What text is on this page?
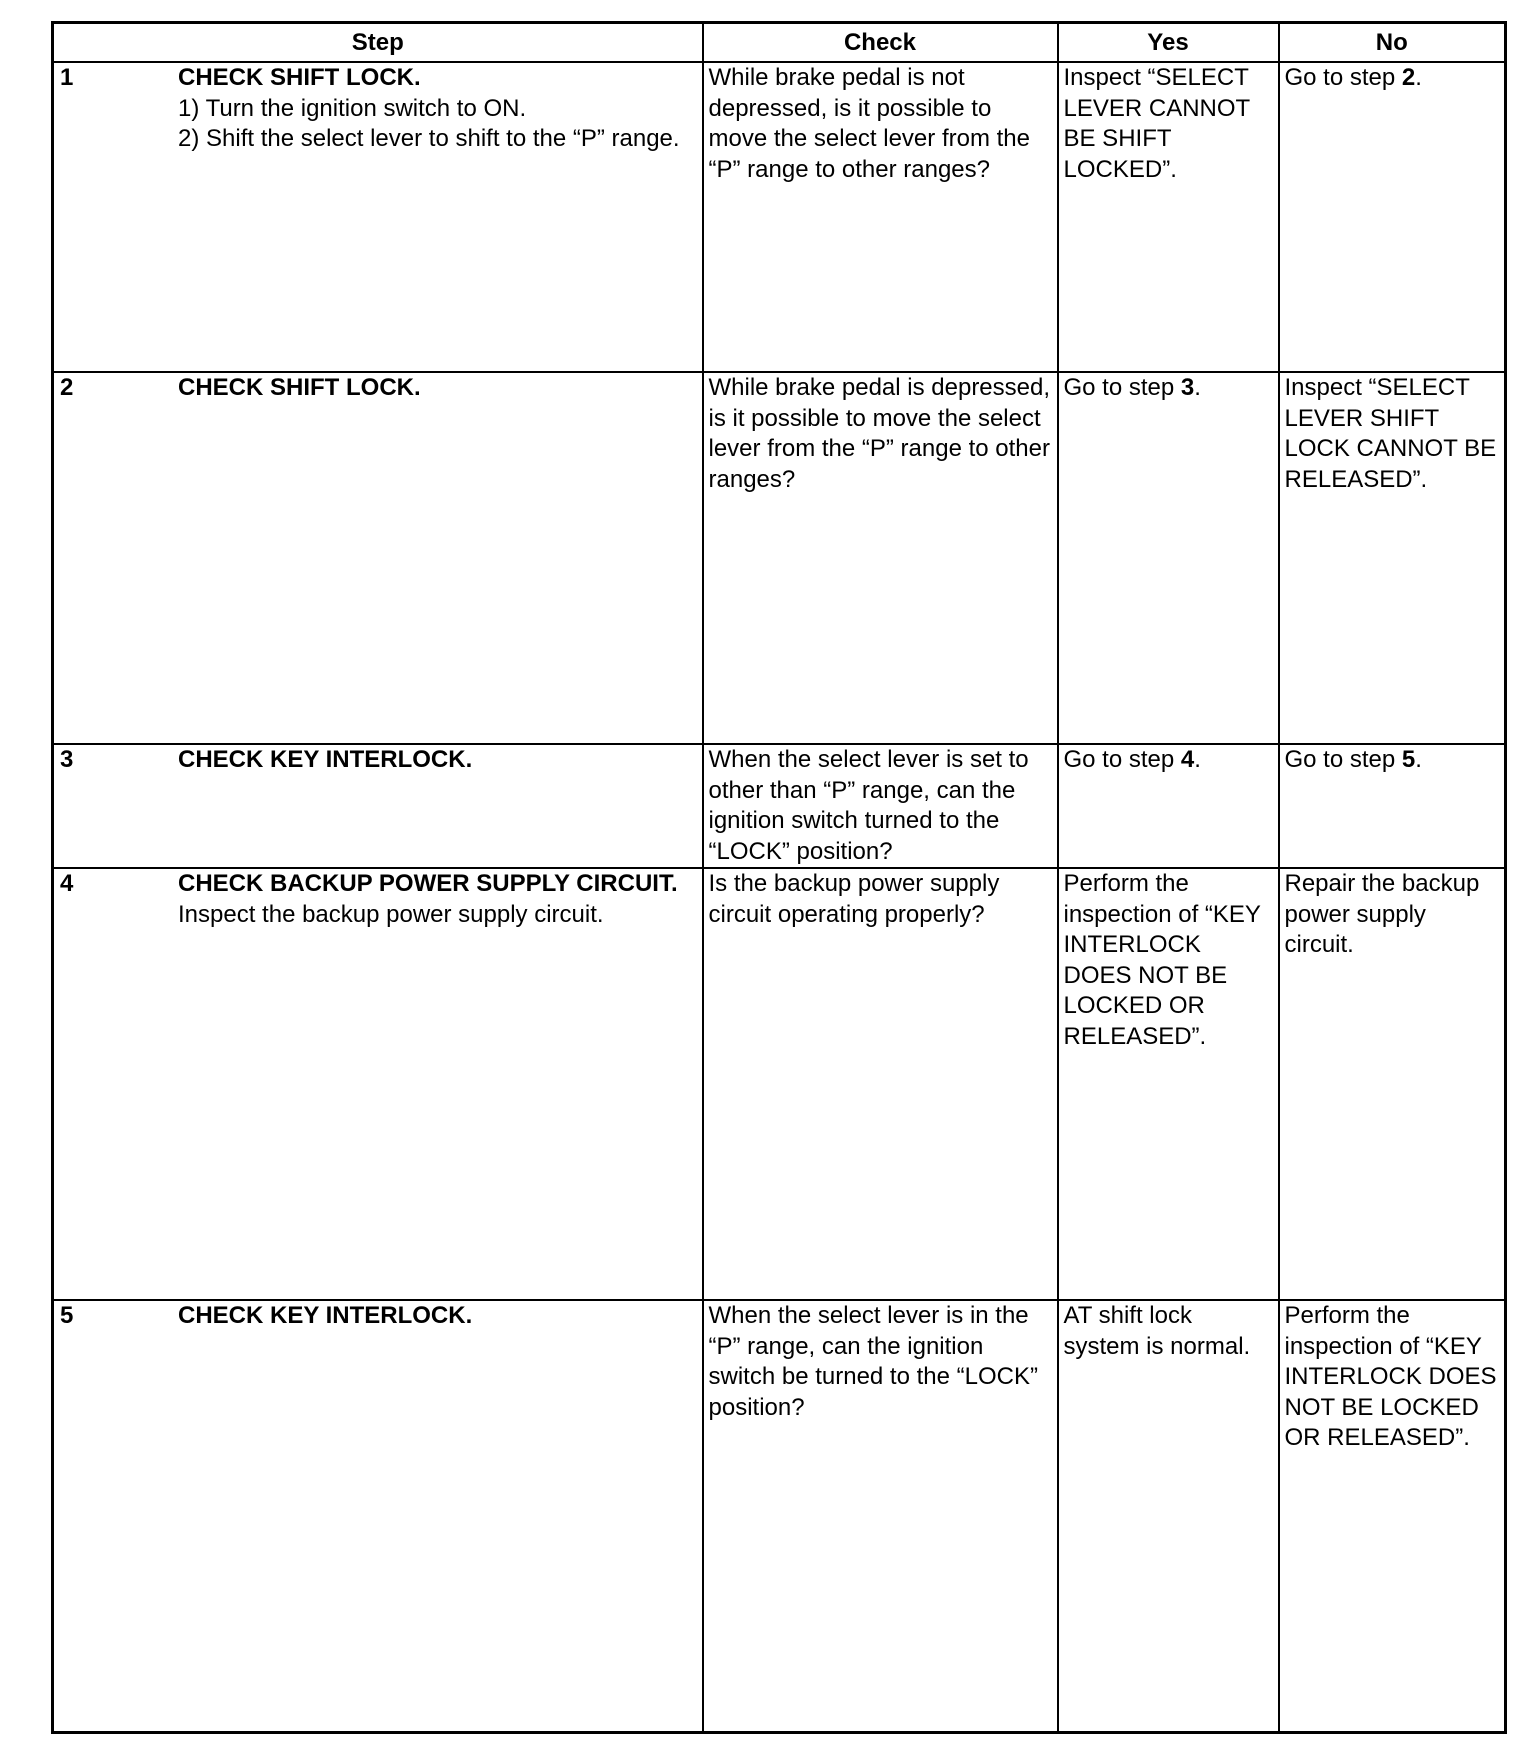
Step	Check	Yes	No

1 CHECK SHIFT LOCK.
1) Turn the ignition switch to ON.
2) Shift the select lever to shift to the “P” range.	While brake pedal is not depressed, is it possible to move the select lever from the “P” range to other ranges?	Inspect “SELECT LEVER CANNOT BE SHIFT LOCKED”.	Go to step 2.

2 CHECK SHIFT LOCK.	While brake pedal is depressed, is it possible to move the select lever from the “P” range to other ranges?	Go to step 3.	Inspect “SELECT LEVER SHIFT LOCK CANNOT BE RELEASED”.

3 CHECK KEY INTERLOCK.	When the select lever is set to other than “P” range, can the ignition switch turned to the “LOCK” position?	Go to step 4.	Go to step 5.

4 CHECK BACKUP POWER SUPPLY CIRCUIT.
Inspect the backup power supply circuit.	Is the backup power supply circuit operating properly?	Perform the inspection of “KEY INTERLOCK DOES NOT BE LOCKED OR RELEASED”.	Repair the backup power supply circuit.

5 CHECK KEY INTERLOCK.	When the select lever is in the “P” range, can the ignition switch be turned to the “LOCK” position?	AT shift lock system is normal.	Perform the inspection of “KEY INTERLOCK DOES NOT BE LOCKED OR RELEASED”.
